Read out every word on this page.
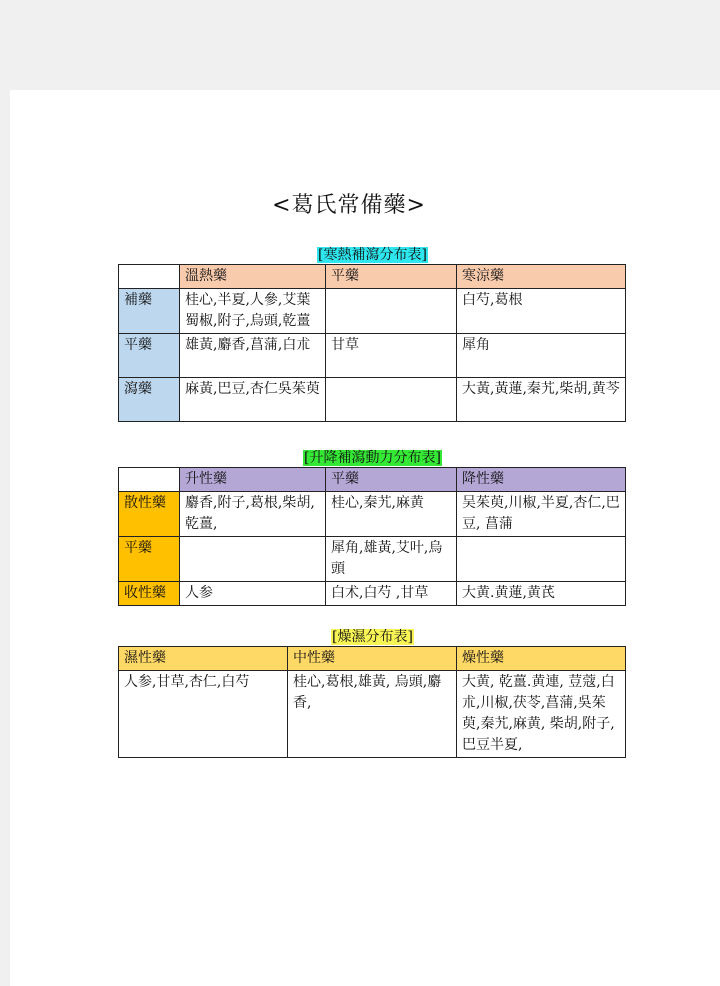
<葛氏常備藥>
[寒熱補瀉分布表]
	溫熱藥	平藥	寒涼藥
補藥	桂心,半夏,人參,艾葉蜀椒,附子,烏頭,乾薑		白芍,葛根
平藥	雄黃,麝香,菖蒲,白朮	甘草	犀角
瀉藥	麻黃,巴豆,杏仁吳茱萸		大黃,黃蓮,秦艽,柴胡,黄芩
[升降補瀉動力分布表]
	升性藥	平藥	降性藥
散性藥	麝香,附子,葛根,柴胡,乾薑,	桂心,秦艽,麻黄	吴茱萸,川椒,半夏,杏仁,巴豆, 菖蒲
平藥		犀角,雄黃,艾叶,烏頭	
收性藥	人参	白术,白芍 ,甘草	大黄.黄蓮,黄芪
[燥濕分布表]
濕性藥	中性藥	燥性藥
人参,甘草,杏仁,白芍	桂心,葛根,雄黃, 烏頭,麝香,	大黄, 乾薑.黄連, 荳蔻,白朮,川椒,茯苓,菖蒲,吳茱萸,秦艽,麻黄, 柴胡,附子,巴豆半夏,
